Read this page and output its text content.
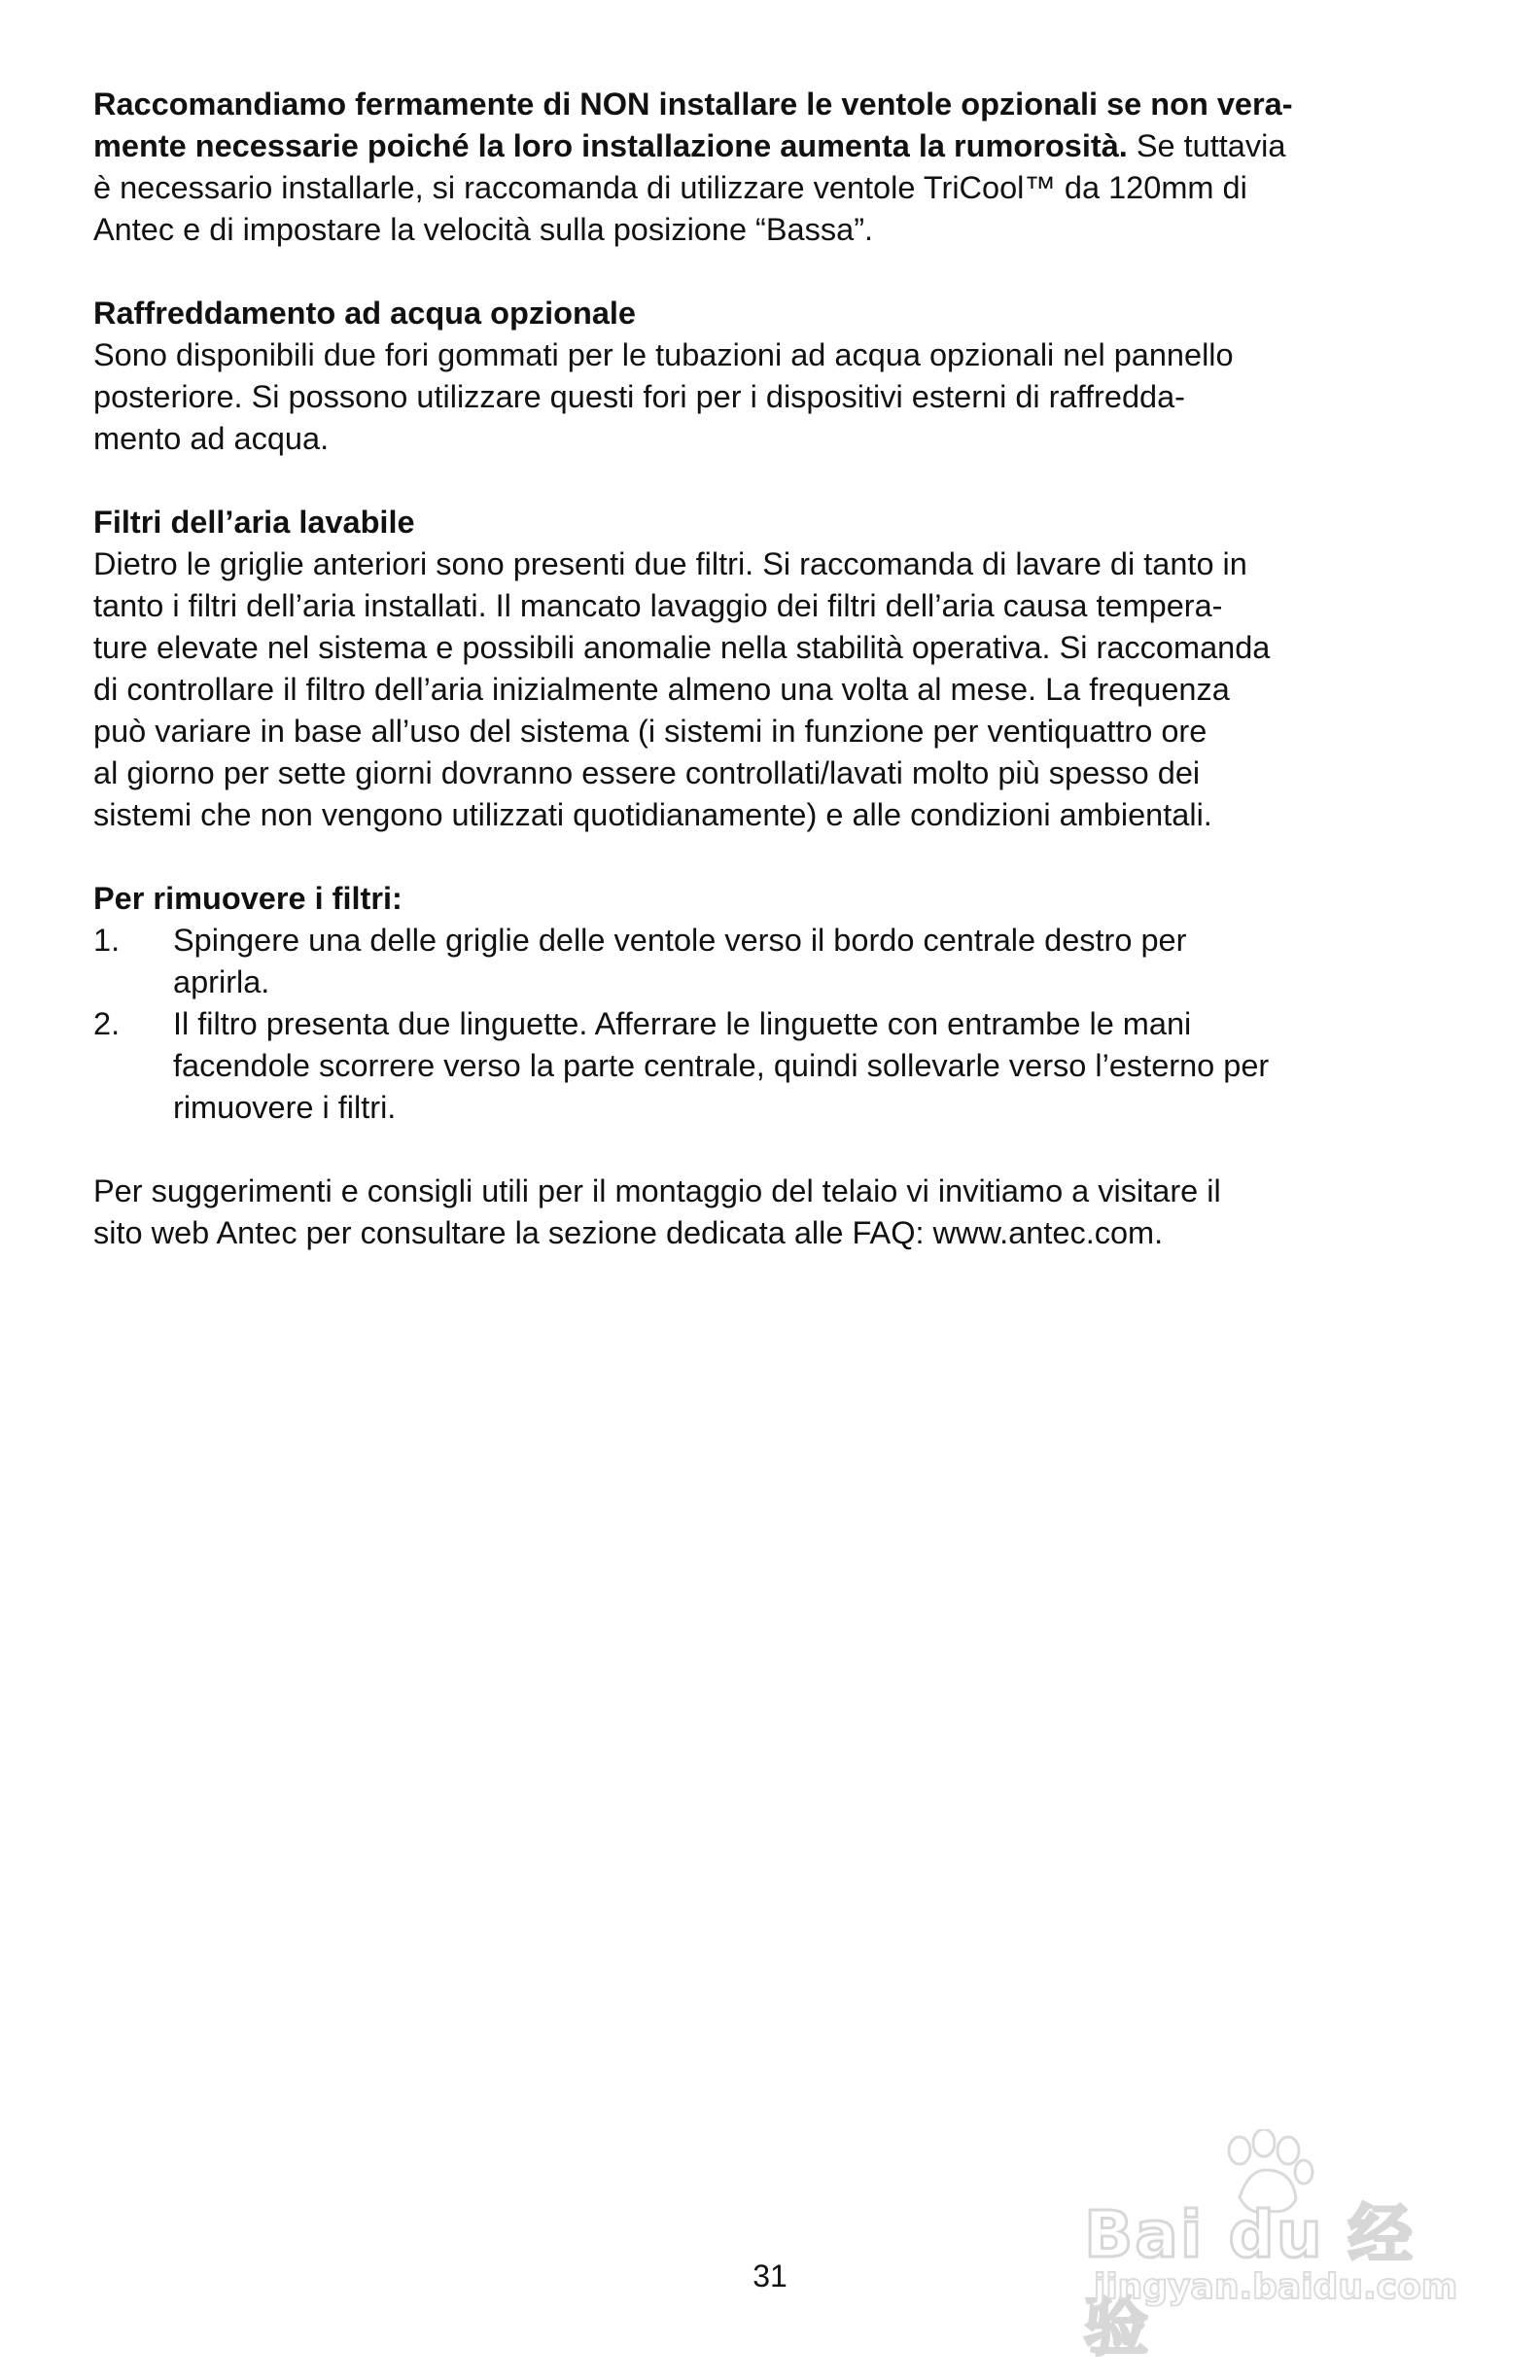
Raccomandiamo fermamente di NON installare le ventole opzionali se non vera-
mente necessarie poiché la loro installazione aumenta la rumorosità. Se tuttavia
è necessario installarle, si raccomanda di utilizzare ventole TriCool™ da 120mm di
Antec e di impostare la velocità sulla posizione “Bassa”.

Raffreddamento ad acqua opzionale
Sono disponibili due fori gommati per le tubazioni ad acqua opzionali nel pannello
posteriore. Si possono utilizzare questi fori per i dispositivi esterni di raffredda-
mento ad acqua.

Filtri dell’aria lavabile
Dietro le griglie anteriori sono presenti due filtri. Si raccomanda di lavare di tanto in
tanto i filtri dell’aria installati. Il mancato lavaggio dei filtri dell’aria causa tempera-
ture elevate nel sistema e possibili anomalie nella stabilità operativa. Si raccomanda
di controllare il filtro dell’aria inizialmente almeno una volta al mese. La frequenza
può variare in base all’uso del sistema (i sistemi in funzione per ventiquattro ore
al giorno per sette giorni dovranno essere controllati/lavati molto più spesso dei
sistemi che non vengono utilizzati quotidianamente) e alle condizioni ambientali.

Per rimuovere i filtri:
1. Spingere una delle griglie delle ventole verso il bordo centrale destro per
aprirla.
2. Il filtro presenta due linguette. Afferrare le linguette con entrambe le mani
facendole scorrere verso la parte centrale, quindi sollevarle verso l’esterno per
rimuovere i filtri.

Per suggerimenti e consigli utili per il montaggio del telaio vi invitiamo a visitare il
sito web Antec per consultare la sezione dedicata alle FAQ: www.antec.com.

31
Bai du 经验
jingyan.baidu.com
